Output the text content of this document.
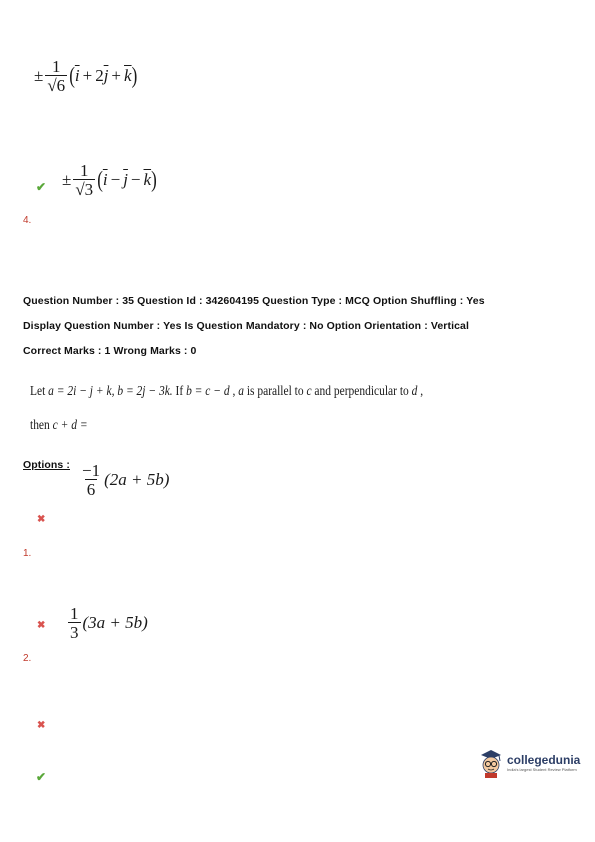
± $\frac{1}{√6}$ ( $\overline{i} + 2$ $\overline{j} + \overline{k}$ )
✔ ± $\frac{1}{√3}$ ( $\overline{i} - \overline{j} - \overline{k}$ )
4.
Question Number : 35 Question Id : 342604195 Question Type : MCQ Option Shuffling : Yes
Display Question Number : Yes Is Question Mandatory : No Option Orientation : Vertical
Correct Marks : 1 Wrong Marks : 0
Let a = 2i − j + k, b = 2j − 3k. If b = c − d , a is parallel to c and perpendicular to d ,
then c + d =
Options : $\frac{-1}{6} (2a + 5b)$
✖
1.
✖ $\frac{1}{3} (3a + 5b)$
2.
✖
✔
collegedunia
India's largest Student Review Platform
